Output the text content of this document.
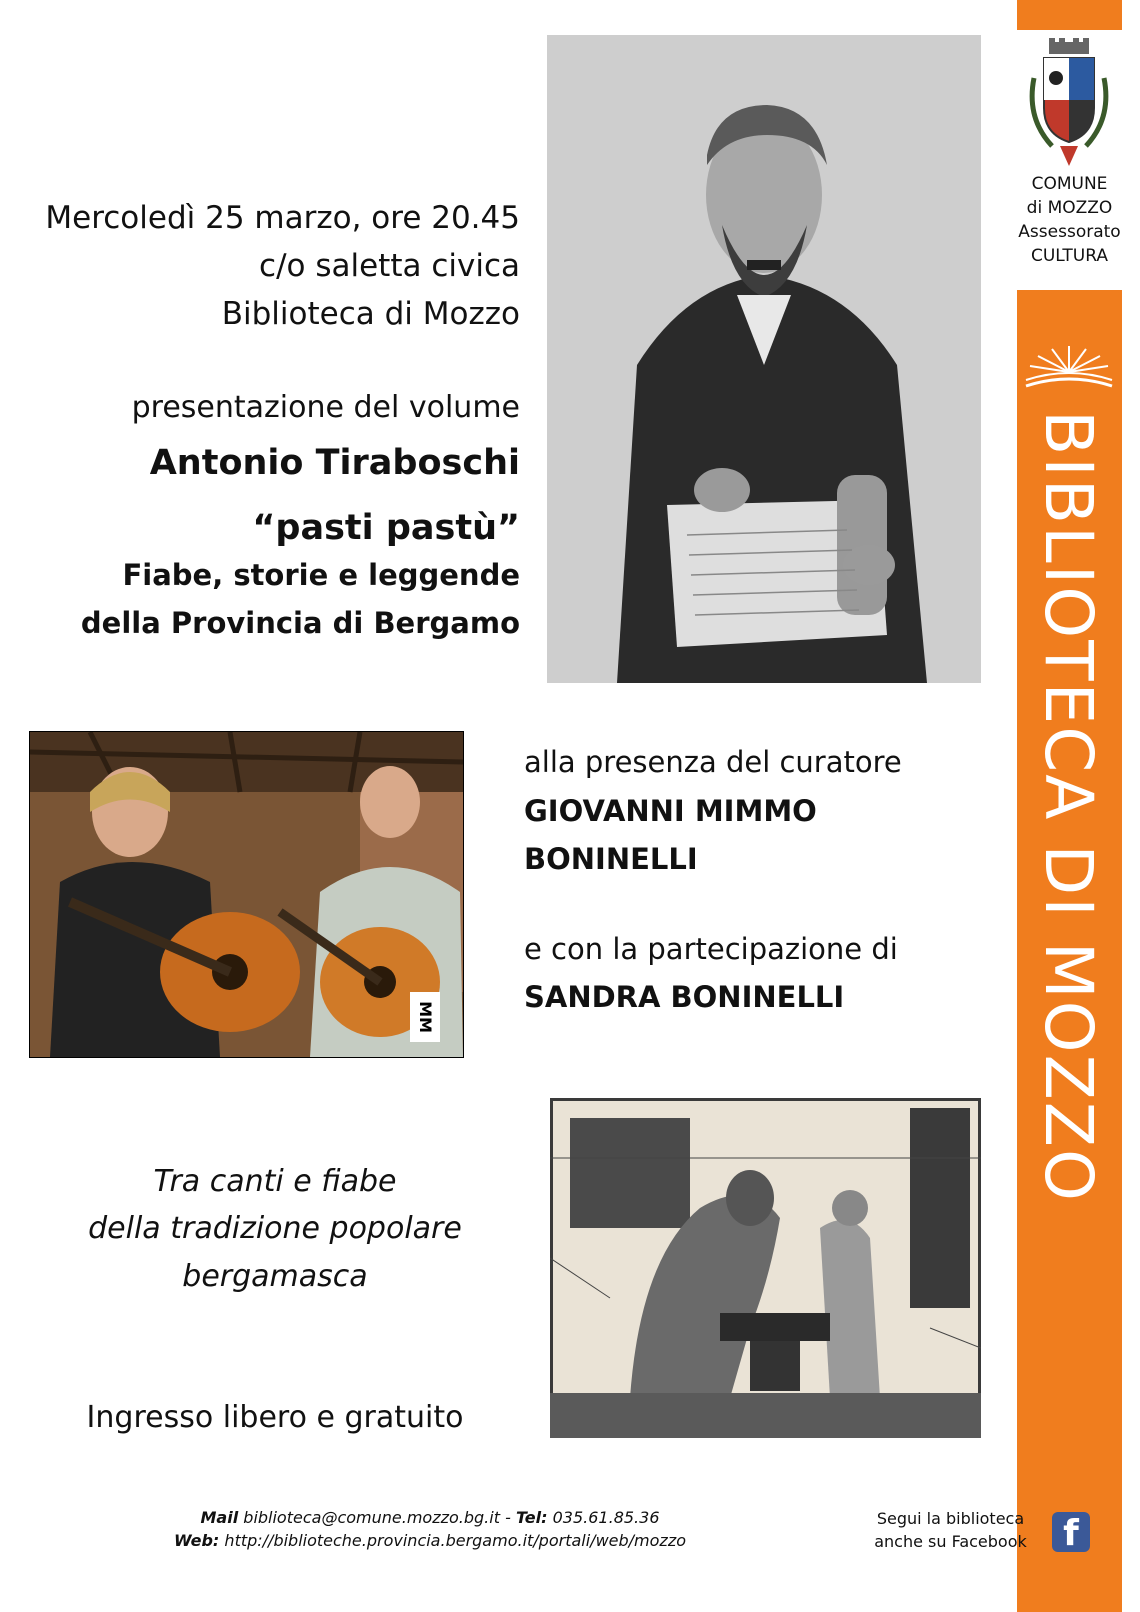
BIBLIOTECA DI MOZZO
COMUNE
di MOZZO
Assessorato
CULTURA
Mercoledì 25 marzo, ore 20.45
c/o saletta civica
Biblioteca di Mozzo
presentazione del volume
Antonio Tiraboschi
“pasti pastù”
Fiabe, storie e leggende
della Provincia di Bergamo
MM
alla presenza del curatore
GIOVANNI MIMMO
BONINELLI
e con la partecipazione di
SANDRA BONINELLI
Tra canti e fiabe
della tradizione popolare
bergamasca
Ingresso libero e gratuito
Mail biblioteca@comune.mozzo.bg.it - Tel: 035.61.85.36
Web: http://biblioteche.provincia.bergamo.it/portali/web/mozzo
Segui la biblioteca
anche su Facebook	f
